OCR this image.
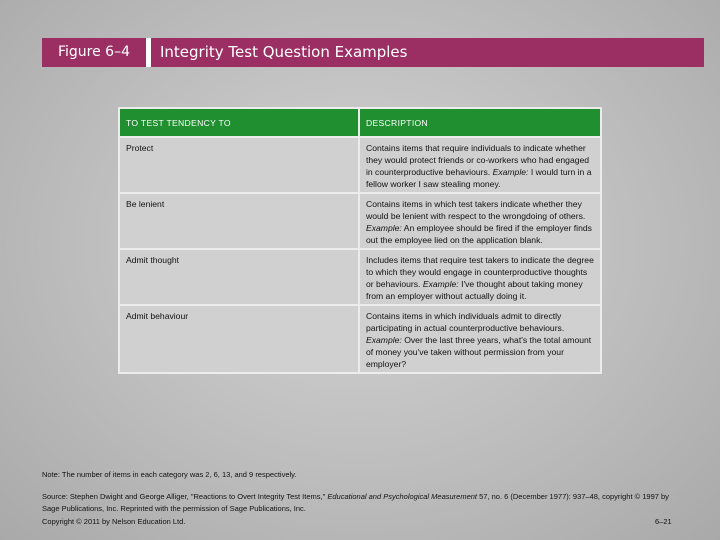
Figure 6–4	Integrity Test Question Examples
TO TEST TENDENCY TO	DESCRIPTION
Protect	Contains items that require individuals to indicate whether they would protect friends or co-workers who had engaged in counterproductive behaviours. Example: I would turn in a fellow worker I saw stealing money.
Be lenient	Contains items in which test takers indicate whether they would be lenient with respect to the wrongdoing of others. Example: An employee should be fired if the employer finds out the employee lied on the application blank.
Admit thought	Includes items that require test takers to indicate the degree to which they would engage in counterproductive thoughts or behaviours. Example: I've thought about taking money from an employer without actually doing it.
Admit behaviour	Contains items in which individuals admit to directly participating in actual counterproductive behaviours. Example: Over the last three years, what's the total amount of money you've taken without permission from your employer?
Note: The number of items in each category was 2, 6, 13, and 9 respectively.
Source: Stephen Dwight and George Alliger, "Reactions to Overt Integrity Test Items," Educational and Psychological Measurement 57, no. 6 (December 1977): 937–48, copyright © 1997 by Sage Publications, Inc. Reprinted with the permission of Sage Publications, Inc.
Copyright © 2011 by Nelson Education Ltd.	6–21
